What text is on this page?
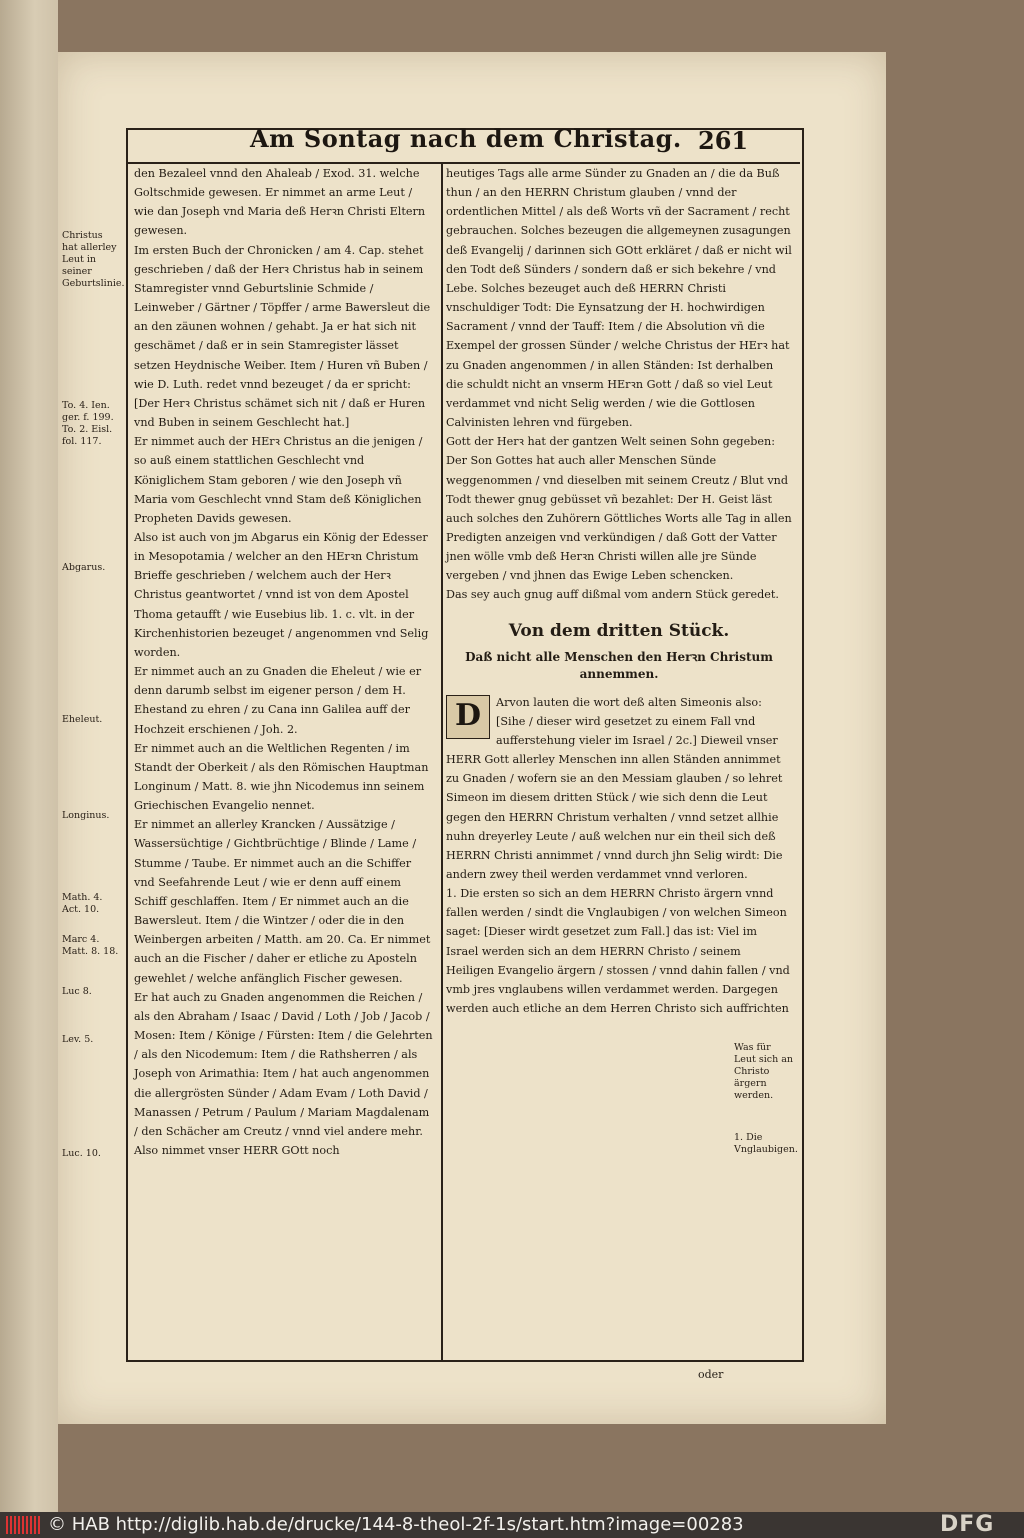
Am Sontag nach dem Christag. 261
Christus hat allerley Leut in seiner Geburtslinie.
To. 4. Ien. ger. f. 199. To. 2. Eisl. fol. 117.
Abgarus.
Eheleut.
Longinus.
Math. 4. Act. 10.
Marc 4. Matt. 8. 18.
Luc 8.
Lev. 5.
Luc. 10.
Was für Leut sich an Christo ärgern werden.
1. Die Vnglaubigen.

den Bezaleel vnnd den Ahaleab / Exod. 31. welche Goltschmide gewesen. Er nimmet an arme Leut / wie dan Joseph vnd Maria deß Herꝛn Christi Eltern gewesen.

Im ersten Buch der Chronicken / am 4. Cap. stehet geschrieben / daß der Herꝛ Christus hab in seinem Stamregister vnnd Geburtslinie Schmide / Leinweber / Gärtner / Töpffer / arme Bawersleut die an den zäunen wohnen / gehabt. Ja er hat sich nit geschämet / daß er in sein Stamregister lässet setzen Heydnische Weiber. Item / Huren vñ Buben / wie D. Luth. redet vnnd bezeuget / da er spricht: [Der Herꝛ Christus schämet sich nit / daß er Huren vnd Buben in seinem Geschlecht hat.]

Er nimmet auch der HErꝛ Christus an die jenigen / so auß einem stattlichen Geschlecht vnd Königlichem Stam geboren / wie den Joseph vñ Maria vom Geschlecht vnnd Stam deß Königlichen Propheten Davids gewesen.

Also ist auch von jm Abgarus ein König der Edesser in Mesopotamia / welcher an den HErꝛn Christum Brieffe geschrieben / welchem auch der Herꝛ Christus geantwortet / vnnd ist von dem Apostel Thoma getaufft / wie Eusebius lib. 1. c. vlt. in der Kirchenhistorien bezeuget / angenommen vnd Selig worden.

Er nimmet auch an zu Gnaden die Eheleut / wie er denn darumb selbst im eigener person / dem H. Ehestand zu ehren / zu Cana inn Galilea auff der Hochzeit erschienen / Joh. 2.

Er nimmet auch an die Weltlichen Regenten / im Standt der Oberkeit / als den Römischen Hauptman Longinum / Matt. 8. wie jhn Nicodemus inn seinem Griechischen Evangelio nennet.

Er nimmet an allerley Krancken / Aussätzige / Wassersüchtige / Gichtbrüchtige / Blinde / Lame / Stumme / Taube. Er nimmet auch an die Schiffer vnd Seefahrende Leut / wie er denn auff einem Schiff geschlaffen. Item / Er nimmet auch an die Bawersleut. Item / die Wintzer / oder die in den Weinbergen arbeiten / Matth. am 20. Ca. Er nimmet auch an die Fischer / daher er etliche zu Aposteln gewehlet / welche anfänglich Fischer gewesen.

Er hat auch zu Gnaden angenommen die Reichen / als den Abraham / Isaac / David / Loth / Job / Jacob / Mosen: Item / Könige / Fürsten: Item / die Gelehrten / als den Nicodemum: Item / die Rathsherren / als Joseph von Arimathia: Item / hat auch angenommen die allergrösten Sünder / Adam Evam / Loth David / Manassen / Petrum / Paulum / Mariam Magdalenam / den Schächer am Creutz / vnnd viel andere mehr.

Also nimmet vnser HERR GOtt noch

heutiges Tags alle arme Sünder zu Gnaden an / die da Buß thun / an den HERRN Christum glauben / vnnd der ordentlichen Mittel / als deß Worts vñ der Sacrament / recht gebrauchen. Solches bezeugen die allgemeynen zusagungen deß Evangelij / darinnen sich GOtt erkläret / daß er nicht wil den Todt deß Sünders / sondern daß er sich bekehre / vnd Lebe. Solches bezeuget auch deß HERRN Christi vnschuldiger Todt: Die Eynsatzung der H. hochwirdigen Sacrament / vnnd der Tauff: Item / die Absolution vñ die Exempel der grossen Sünder / welche Christus der HErꝛ hat zu Gnaden angenommen / in allen Ständen: Ist derhalben die schuldt nicht an vnserm HErꝛn Gott / daß so viel Leut verdammet vnd nicht Selig werden / wie die Gottlosen Calvinisten lehren vnd fürgeben.

Gott der Herꝛ hat der gantzen Welt seinen Sohn gegeben: Der Son Gottes hat auch aller Menschen Sünde weggenommen / vnd dieselben mit seinem Creutz / Blut vnd Todt thewer gnug gebüsset vñ bezahlet: Der H. Geist läst auch solches den Zuhörern Göttliches Worts alle Tag in allen Predigten anzeigen vnd verkündigen / daß Gott der Vatter jnen wölle vmb deß Herꝛn Christi willen alle jre Sünde vergeben / vnd jhnen das Ewige Leben schencken.

Das sey auch gnug auff dißmal vom andern Stück geredet.

Von dem dritten Stück.
Daß nicht alle Menschen den Herꝛn Christum annemmen.

D	Arvon lauten die wort deß alten Simeonis also: [Sihe / dieser wird gesetzet zu einem Fall vnd aufferstehung vieler im Israel / 2c.] Dieweil vnser HERR Gott allerley Menschen inn allen Ständen annimmet zu Gnaden / wofern sie an den Messiam glauben / so lehret Simeon im diesem dritten Stück / wie sich denn die Leut gegen den HERRN Christum verhalten / vnnd setzet allhie nuhn dreyerley Leute / auß welchen nur ein theil sich deß HERRN Christi annimmet / vnnd durch jhn Selig wirdt: Die andern zwey theil werden verdammet vnnd verloren.

1. Die ersten so sich an dem HERRN Christo ärgern vnnd fallen werden / sindt die Vnglaubigen / von welchen Simeon saget: [Dieser wirdt gesetzet zum Fall.] das ist: Viel im Israel werden sich an dem HERRN Christo / seinem Heiligen Evangelio ärgern / stossen / vnnd dahin fallen / vnd vmb jres vnglaubens willen verdammet werden. Dargegen werden auch etliche an dem Herren Christo sich auffrichten

oder
© HAB http://diglib.hab.de/drucke/144-8-theol-2f-1s/start.htm?image=00283	DFG
